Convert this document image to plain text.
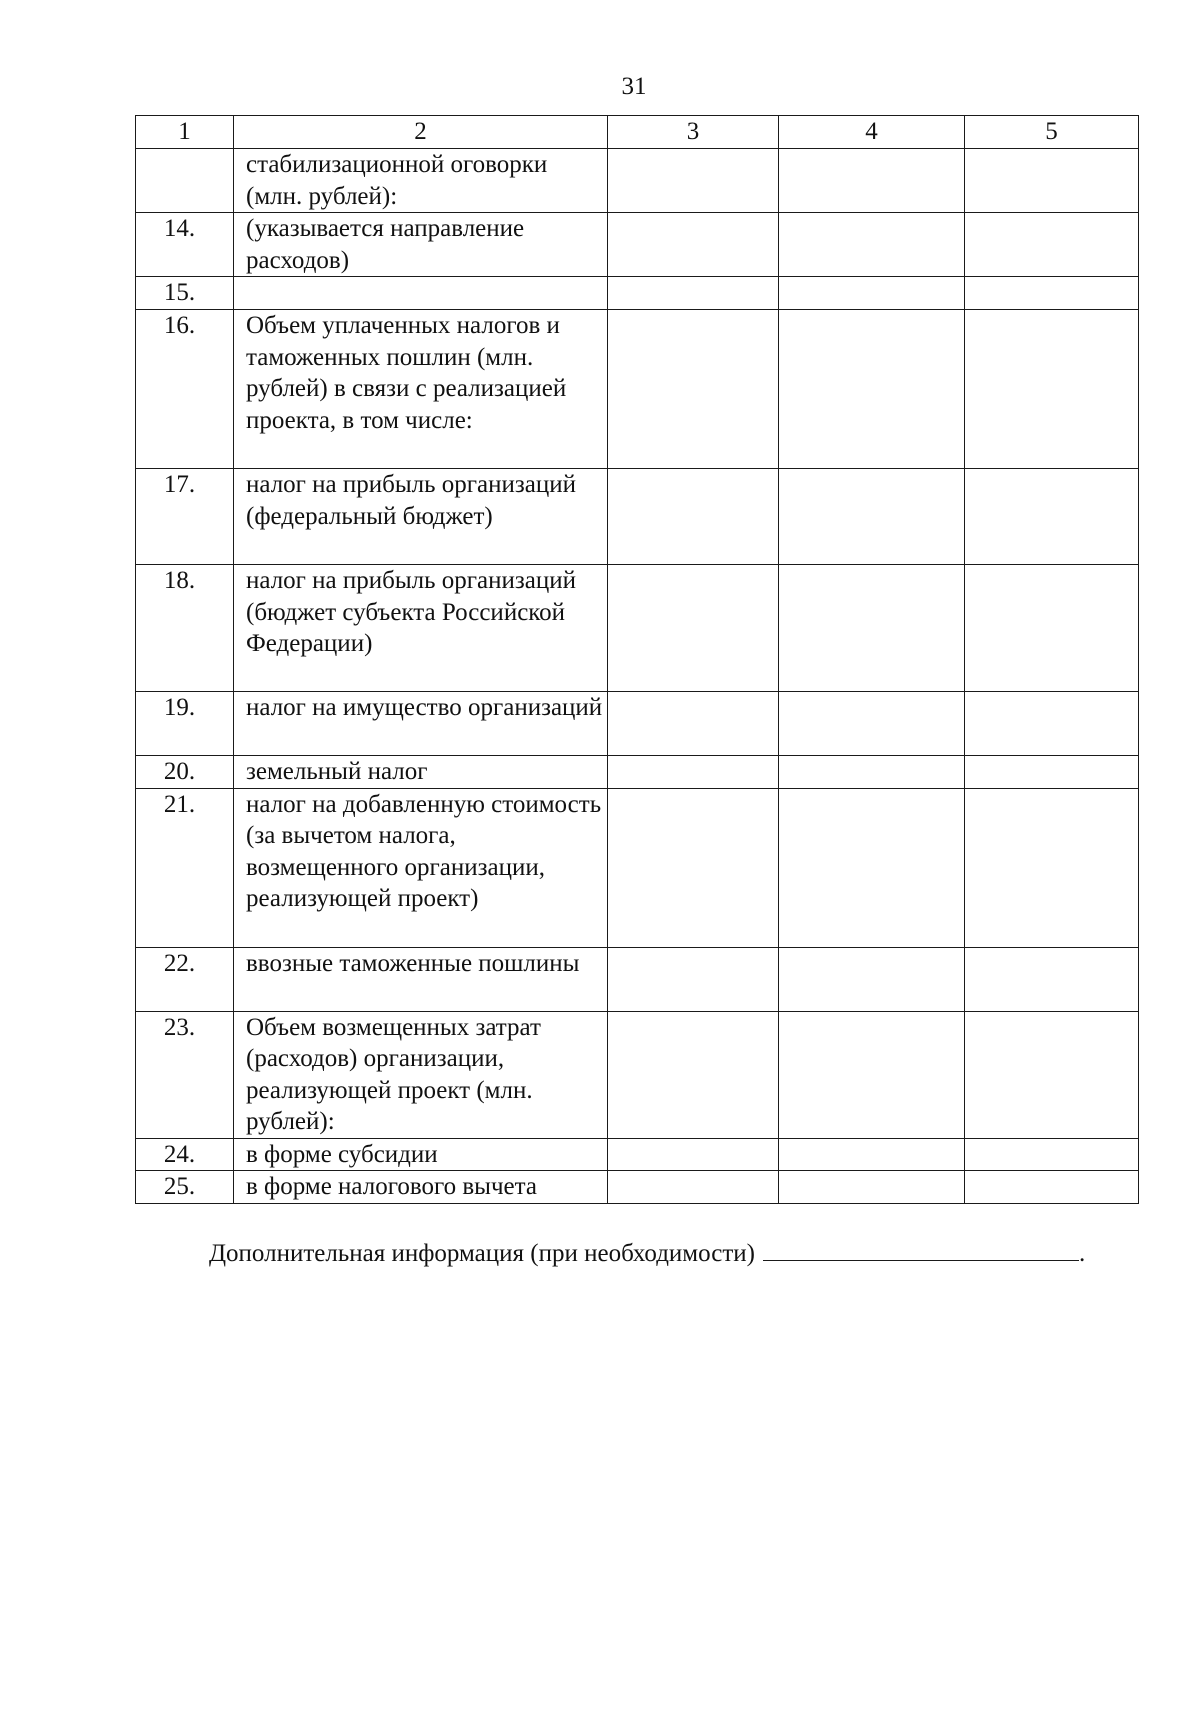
31
1	2	3	4	5
	стабилизационной оговорки (млн. рублей):			
14.	(указывается направление расходов)			
15.				
16.	Объем уплаченных налогов и таможенных пошлин (млн. рублей) в связи с реализацией проекта, в том числе:			
17.	налог на прибыль организаций (федеральный бюджет)			
18.	налог на прибыль организаций (бюджет субъекта Российской Федерации)			
19.	налог на имущество организаций			
20.	земельный налог			
21.	налог на добавленную стоимость (за вычетом налога, возмещенного организации, реализующей проект)			
22.	ввозные таможенные пошлины			
23.	Объем возмещенных затрат (расходов) организации, реализующей проект (млн. рублей):			
24.	в форме субсидии			
25.	в форме налогового вычета			
Дополнительная информация (при необходимости)	.
